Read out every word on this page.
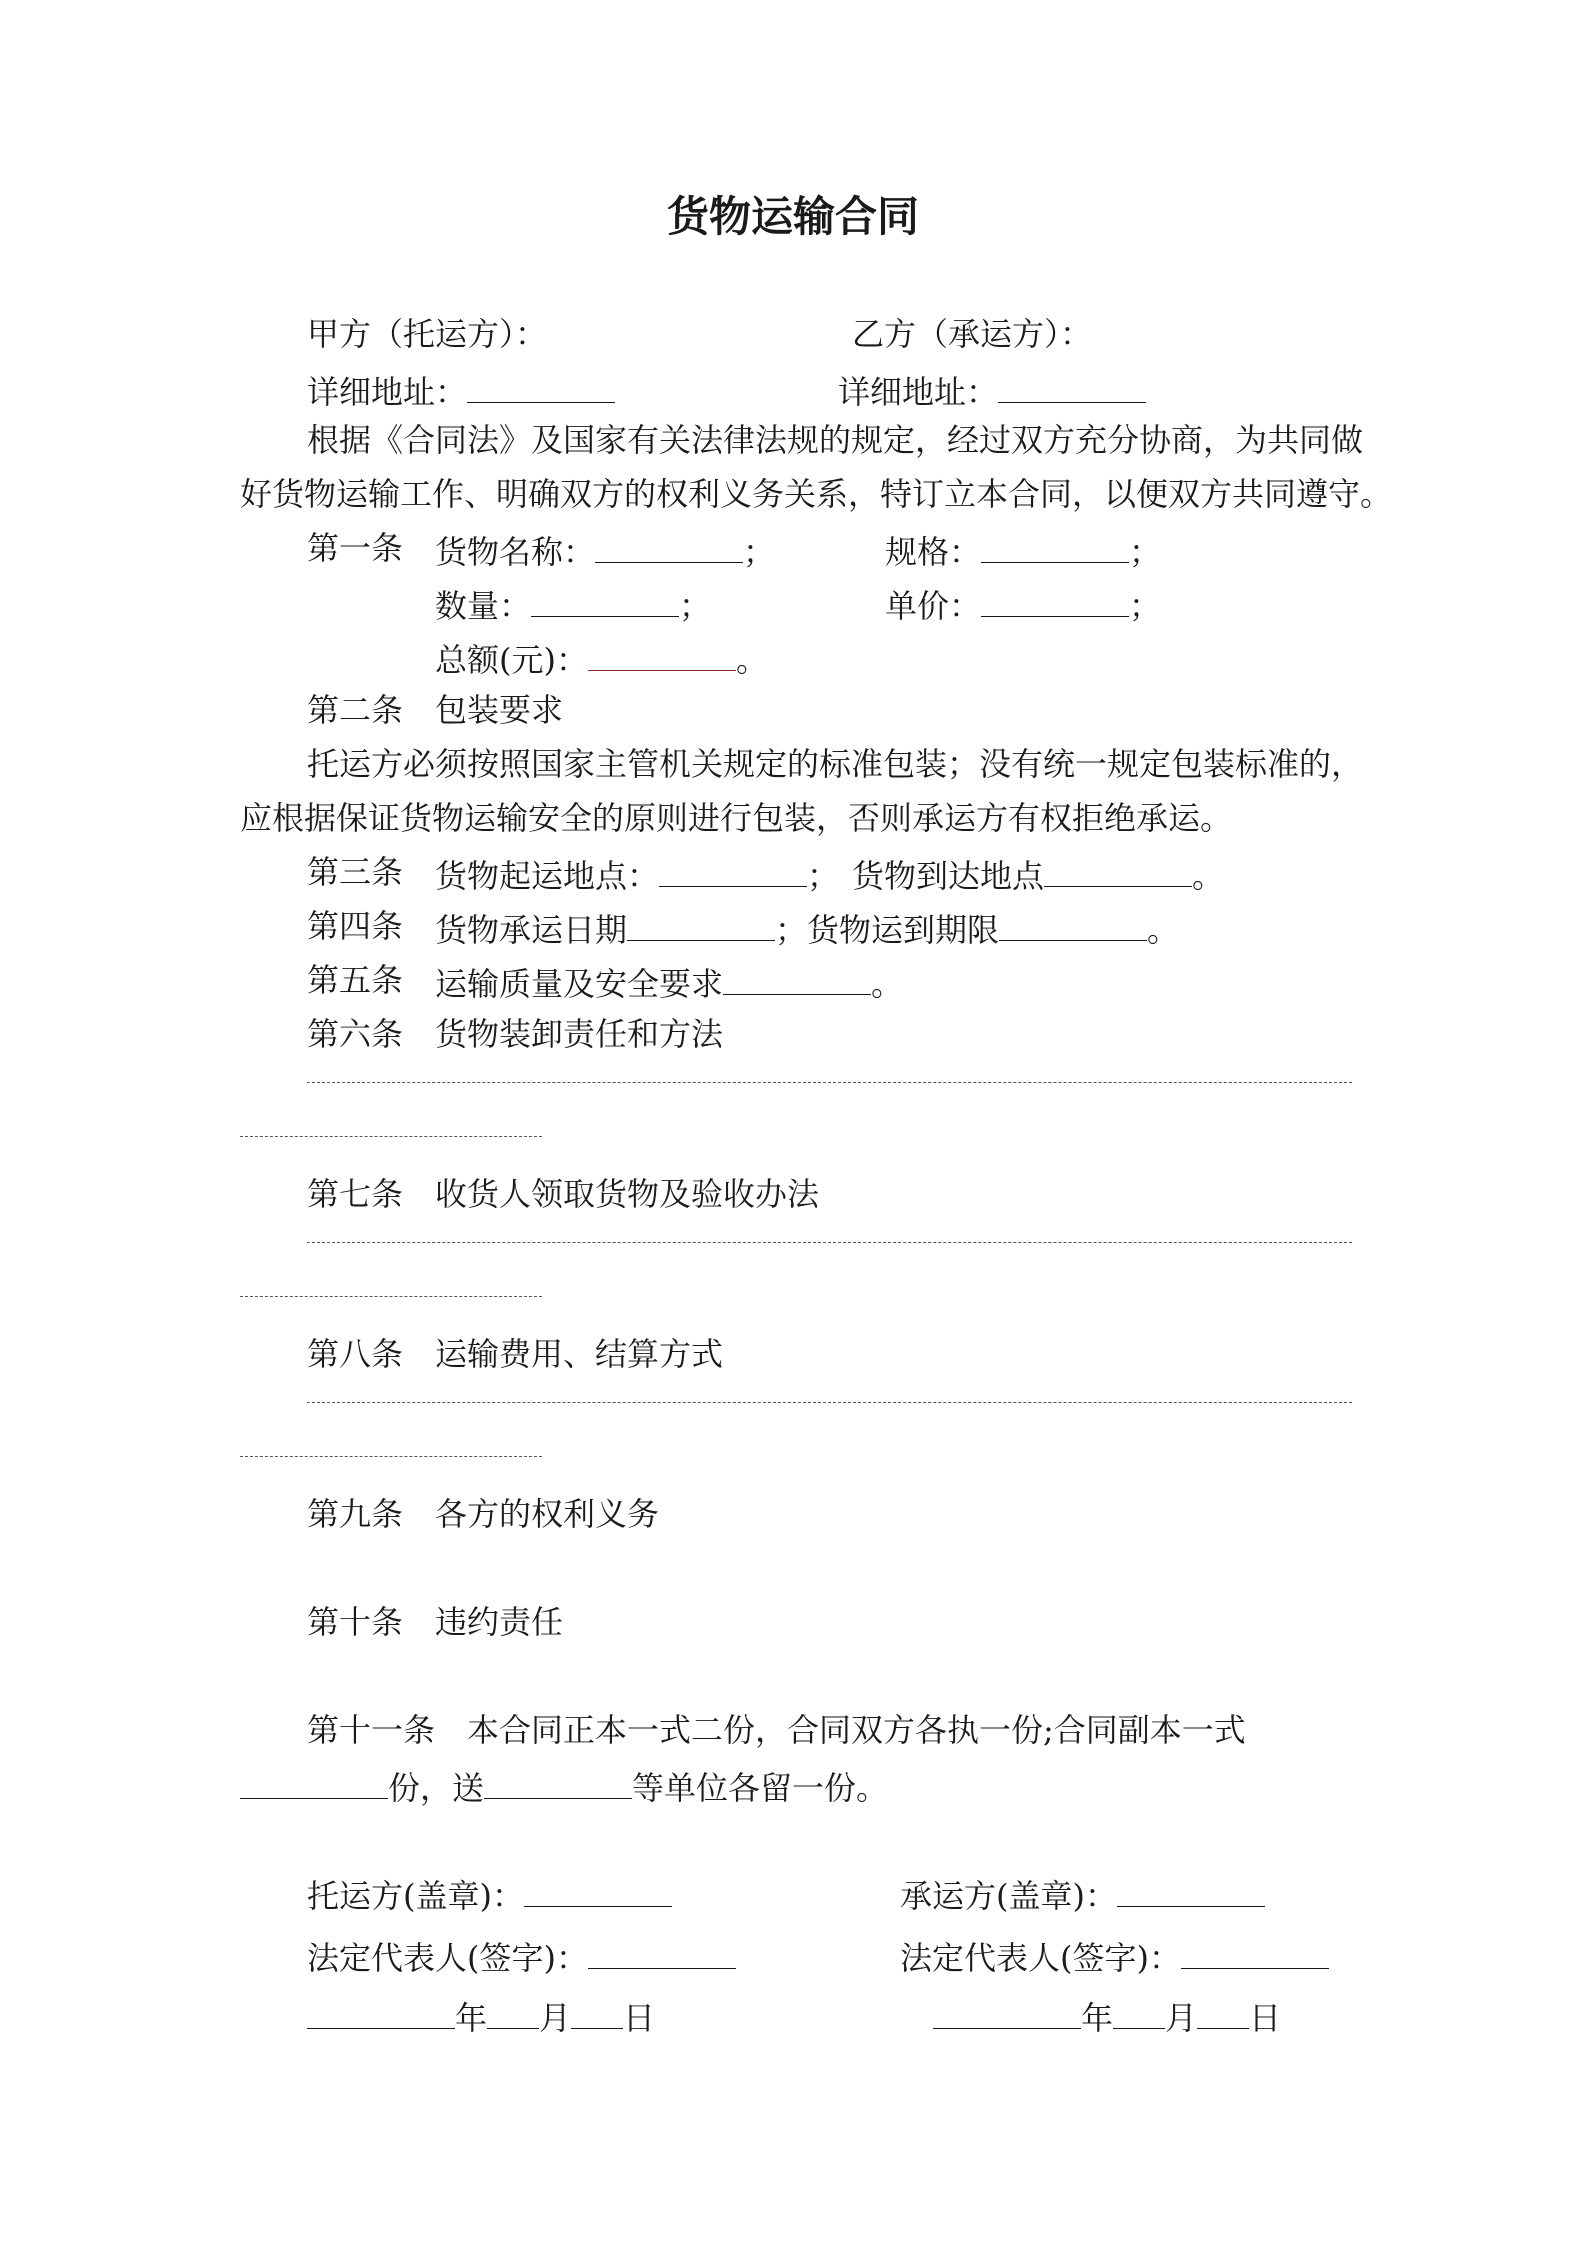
货物运输合同
甲方（托运方）：	乙方（承运方）：
详细地址：	详细地址：
根据《合同法》及国家有关法律法规的规定，经过双方充分协商，为共同做
好货物运输工作、明确双方的权利义务关系，特订立本合同，以便双方共同遵守。
第一条 货物名称：	；	规格：	；
数量：	；	单价：	；
总额(元)：	。
第二条 包装要求
托运方必须按照国家主管机关规定的标准包装；没有统一规定包装标准的，
应根据保证货物运输安全的原则进行包装，否则承运方有权拒绝承运。
第三条 货物起运地点：	； 货物到达地点	。
第四条 货物承运日期	；货物运到期限	。
第五条 运输质量及安全要求	。
第六条 货物装卸责任和方法
第七条 收货人领取货物及验收办法
第八条 运输费用、结算方式
第九条 各方的权利义务
第十条 违约责任
第十一条 本合同正本一式二份，合同双方各执一份;合同副本一式
份，送	等单位各留一份。
托运方(盖章)：	承运方(盖章)：
法定代表人(签字)：	法定代表人(签字)：
年 月 日	年 月 日
